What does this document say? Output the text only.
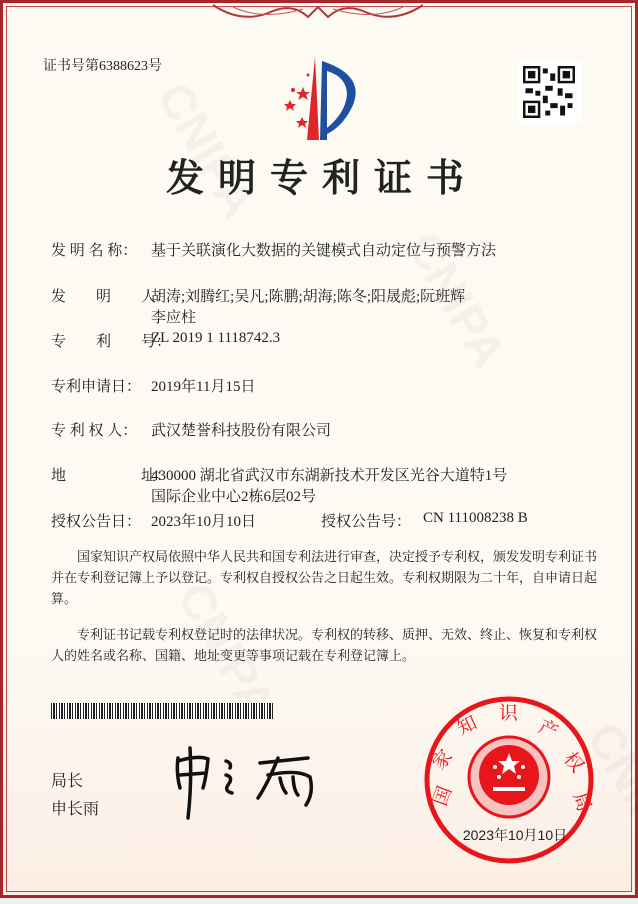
证书号第6388623号
发明专利证书
发 明 名 称： 基于关联演化大数据的关键模式自动定位与预警方法
发　　明　　人：
胡涛;刘腾红;吴凡;陈鹏;胡海;陈冬;阳晟彪;阮班辉
李应柱
专　　利　　号：
ZL 2019 1 1118742.3
专利申请日： 2019年11月15日
专 利 权 人： 武汉楚誉科技股份有限公司
地　　　　　址：
430000 湖北省武汉市东湖新技术开发区光谷大道特1号
国际企业中心2栋6层02号
授权公告日： 2023年10月10日	授权公告号： CN 111008238 B

国家知识产权局依照中华人民共和国专利法进行审查，决定授予专利权，颁发发明专利证书并在专利登记簿上予以登记。专利权自授权公告之日起生效。专利权期限为二十年，自申请日起算。

专利证书记载专利权登记时的法律状况。专利权的转移、质押、无效、终止、恢复和专利权人的姓名或名称、国籍、地址变更等事项记载在专利登记簿上。

局长
申长雨	国
家
知 识
产
权
局
2023年10月10日
